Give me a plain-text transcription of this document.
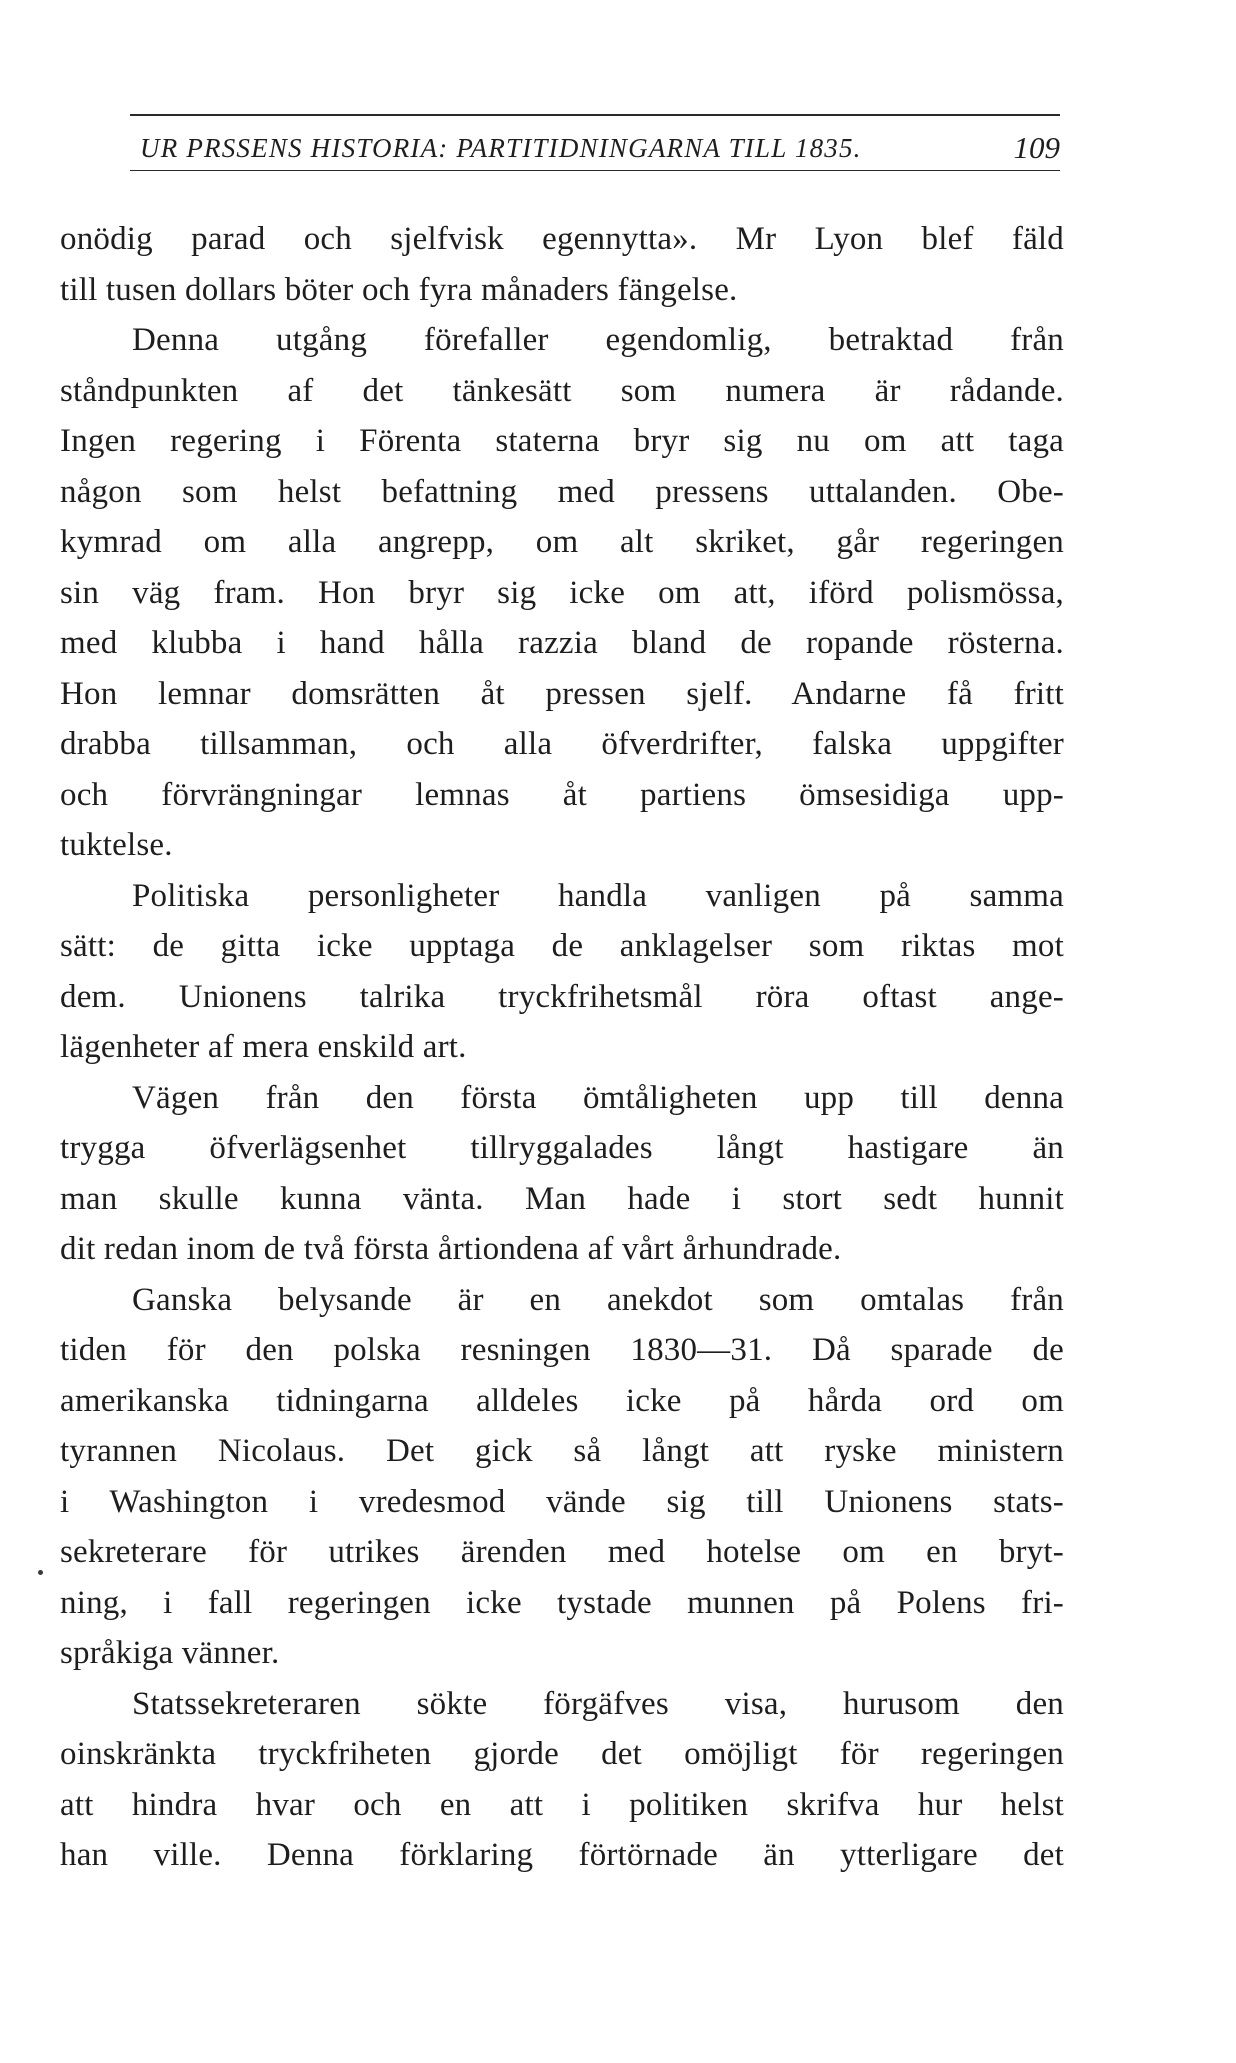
UR PRSSENS HISTORIA: PARTITIDNINGARNA TILL 1835.	109
onödig parad och sjelfvisk egennytta». Mr Lyon blef fäld
till tusen dollars böter och fyra månaders fängelse.
Denna utgång förefaller egendomlig, betraktad från
ståndpunkten af det tänkesätt som numera är rådande.
Ingen regering i Förenta staterna bryr sig nu om att taga
någon som helst befattning med pressens uttalanden. Obe-
kymrad om alla angrepp, om alt skriket, går regeringen
sin väg fram. Hon bryr sig icke om att, iförd polismössa,
med klubba i hand hålla razzia bland de ropande rösterna.
Hon lemnar domsrätten åt pressen sjelf. Andarne få fritt
drabba tillsamman, och alla öfverdrifter, falska uppgifter
och förvrängningar lemnas åt partiens ömsesidiga upp-
tuktelse.
Politiska personligheter handla vanligen på samma
sätt: de gitta icke upptaga de anklagelser som riktas mot
dem. Unionens talrika tryckfrihetsmål röra oftast ange-
lägenheter af mera enskild art.
Vägen från den första ömtåligheten upp till denna
trygga öfverlägsenhet tillryggalades långt hastigare än
man skulle kunna vänta. Man hade i stort sedt hunnit
dit redan inom de två första årtiondena af vårt århundrade.
Ganska belysande är en anekdot som omtalas från
tiden för den polska resningen 1830—31. Då sparade de
amerikanska tidningarna alldeles icke på hårda ord om
tyrannen Nicolaus. Det gick så långt att ryske ministern
i Washington i vredesmod vände sig till Unionens stats-
sekreterare för utrikes ärenden med hotelse om en bryt-
ning, i fall regeringen icke tystade munnen på Polens fri-
språkiga vänner.
Statssekreteraren sökte förgäfves visa, hurusom den
oinskränkta tryckfriheten gjorde det omöjligt för regeringen
att hindra hvar och en att i politiken skrifva hur helst
han ville. Denna förklaring förtörnade än ytterligare det
